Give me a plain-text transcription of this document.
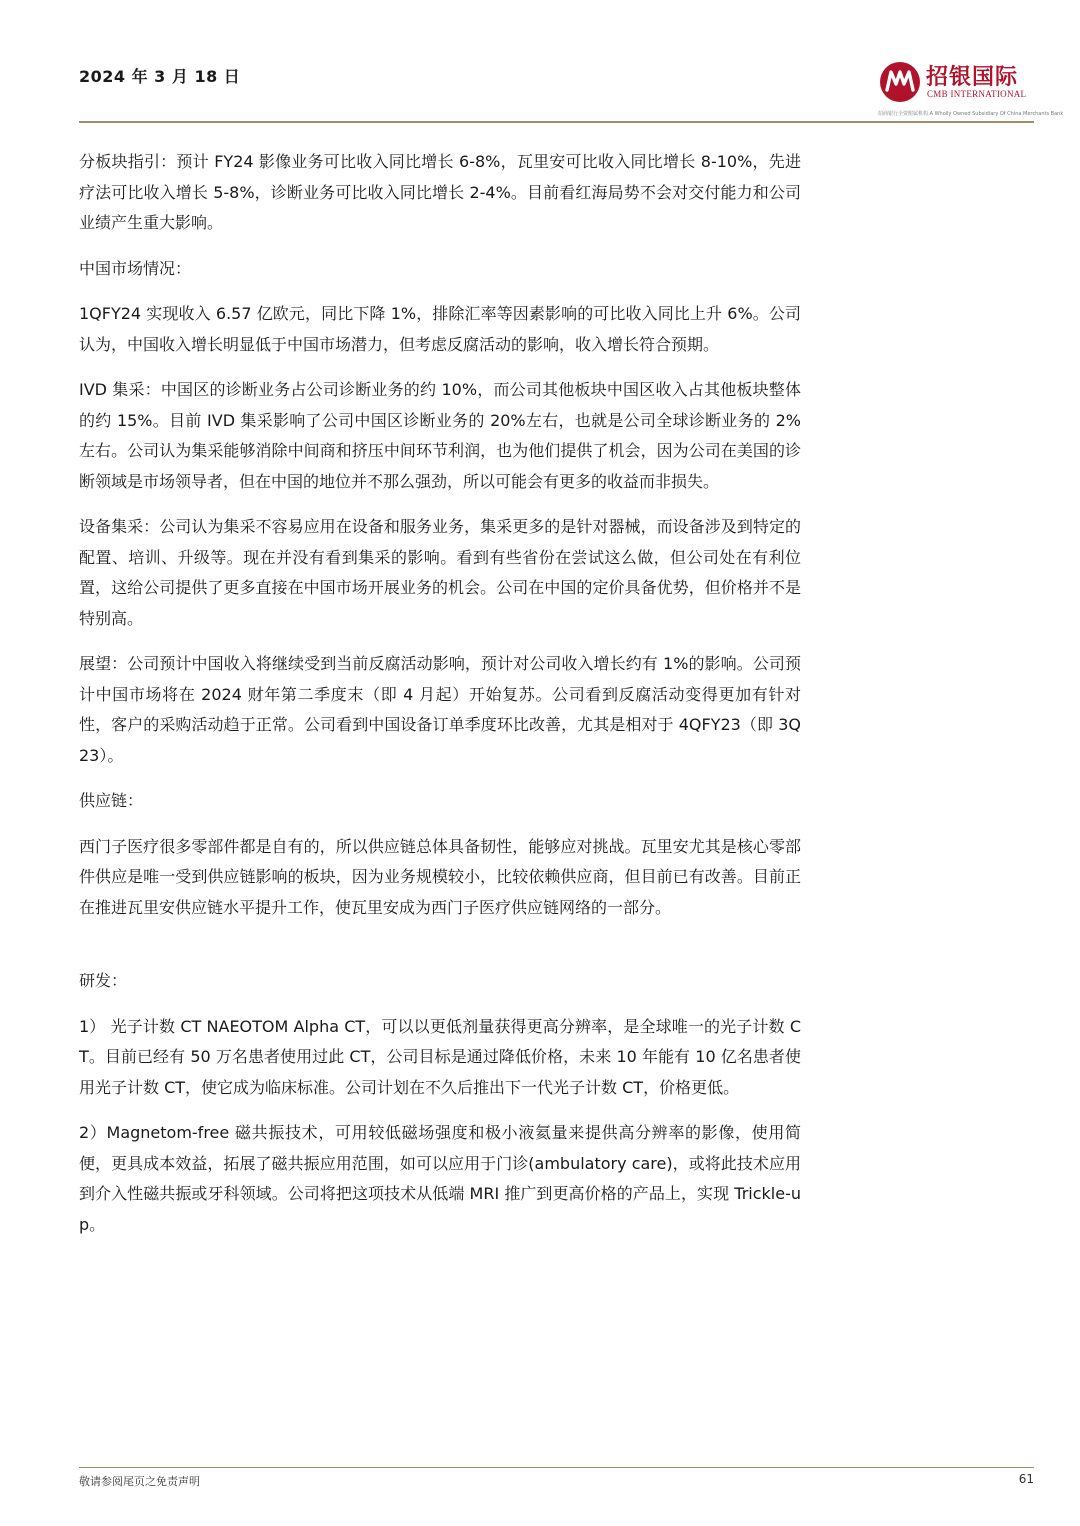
2024 年 3 月 18 日	招银国际
CMB INTERNATIONAL
招商银行全资附属机构 A Wholly Owned Subsidiary Of China Merchants Bank

分板块指引：预计 FY24 影像业务可比收入同比增长 6-8%，瓦里安可比收入同比增长 8-10%，先进疗法可比收入增长 5-8%，诊断业务可比收入同比增长 2-4%。目前看红海局势不会对交付能力和公司业绩产生重大影响。

中国市场情况：

1QFY24 实现收入 6.57 亿欧元，同比下降 1%，排除汇率等因素影响的可比收入同比上升 6%。公司认为，中国收入增长明显低于中国市场潜力，但考虑反腐活动的影响，收入增长符合预期。

IVD 集采：中国区的诊断业务占公司诊断业务的约 10%，而公司其他板块中国区收入占其他板块整体的约 15%。目前 IVD 集采影响了公司中国区诊断业务的 20%左右，也就是公司全球诊断业务的 2%左右。公司认为集采能够消除中间商和挤压中间环节利润，也为他们提供了机会，因为公司在美国的诊断领域是市场领导者，但在中国的地位并不那么强劲，所以可能会有更多的收益而非损失。

设备集采：公司认为集采不容易应用在设备和服务业务，集采更多的是针对器械，而设备涉及到特定的配置、培训、升级等。现在并没有看到集采的影响。看到有些省份在尝试这么做，但公司处在有利位置，这给公司提供了更多直接在中国市场开展业务的机会。公司在中国的定价具备优势，但价格并不是特别高。

展望：公司预计中国收入将继续受到当前反腐活动影响，预计对公司收入增长约有 1%的影响。公司预计中国市场将在 2024 财年第二季度末（即 4 月起）开始复苏。公司看到反腐活动变得更加有针对性，客户的采购活动趋于正常。公司看到中国设备订单季度环比改善，尤其是相对于 4QFY23（即 3Q23）。

供应链：

西门子医疗很多零部件都是自有的，所以供应链总体具备韧性，能够应对挑战。瓦里安尤其是核心零部件供应是唯一受到供应链影响的板块，因为业务规模较小，比较依赖供应商，但目前已有改善。目前正在推进瓦里安供应链水平提升工作，使瓦里安成为西门子医疗供应链网络的一部分。

研发：

1） 光子计数 CT NAEOTOM Alpha CT，可以以更低剂量获得更高分辨率，是全球唯一的光子计数 CT。目前已经有 50 万名患者使用过此 CT，公司目标是通过降低价格，未来 10 年能有 10 亿名患者使用光子计数 CT，使它成为临床标准。公司计划在不久后推出下一代光子计数 CT，价格更低。

2）Magnetom-free 磁共振技术，可用较低磁场强度和极小液氦量来提供高分辨率的影像，使用简便，更具成本效益，拓展了磁共振应用范围，如可以应用于门诊(ambulatory care)，或将此技术应用到介入性磁共振或牙科领域。公司将把这项技术从低端 MRI 推广到更高价格的产品上，实现 Trickle-up。

敬请参阅尾页之免责声明	61
